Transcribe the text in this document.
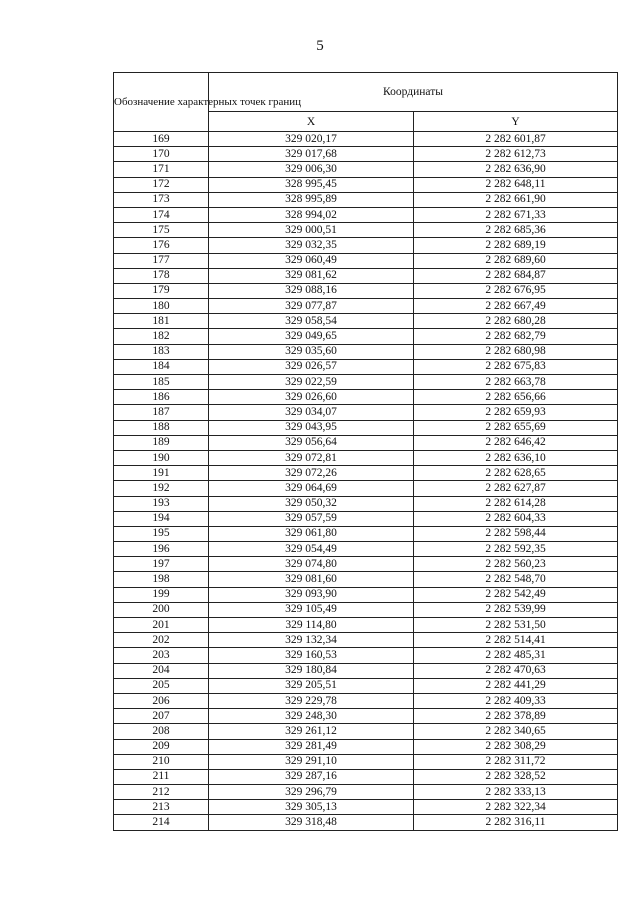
5
Обозначение характерных точек границ	Координаты	
	X	Y
169	329 020,17	2 282 601,87
170	329 017,68	2 282 612,73
171	329 006,30	2 282 636,90
172	328 995,45	2 282 648,11
173	328 995,89	2 282 661,90
174	328 994,02	2 282 671,33
175	329 000,51	2 282 685,36
176	329 032,35	2 282 689,19
177	329 060,49	2 282 689,60
178	329 081,62	2 282 684,87
179	329 088,16	2 282 676,95
180	329 077,87	2 282 667,49
181	329 058,54	2 282 680,28
182	329 049,65	2 282 682,79
183	329 035,60	2 282 680,98
184	329 026,57	2 282 675,83
185	329 022,59	2 282 663,78
186	329 026,60	2 282 656,66
187	329 034,07	2 282 659,93
188	329 043,95	2 282 655,69
189	329 056,64	2 282 646,42
190	329 072,81	2 282 636,10
191	329 072,26	2 282 628,65
192	329 064,69	2 282 627,87
193	329 050,32	2 282 614,28
194	329 057,59	2 282 604,33
195	329 061,80	2 282 598,44
196	329 054,49	2 282 592,35
197	329 074,80	2 282 560,23
198	329 081,60	2 282 548,70
199	329 093,90	2 282 542,49
200	329 105,49	2 282 539,99
201	329 114,80	2 282 531,50
202	329 132,34	2 282 514,41
203	329 160,53	2 282 485,31
204	329 180,84	2 282 470,63
205	329 205,51	2 282 441,29
206	329 229,78	2 282 409,33
207	329 248,30	2 282 378,89
208	329 261,12	2 282 340,65
209	329 281,49	2 282 308,29
210	329 291,10	2 282 311,72
211	329 287,16	2 282 328,52
212	329 296,79	2 282 333,13
213	329 305,13	2 282 322,34
214	329 318,48	2 282 316,11
